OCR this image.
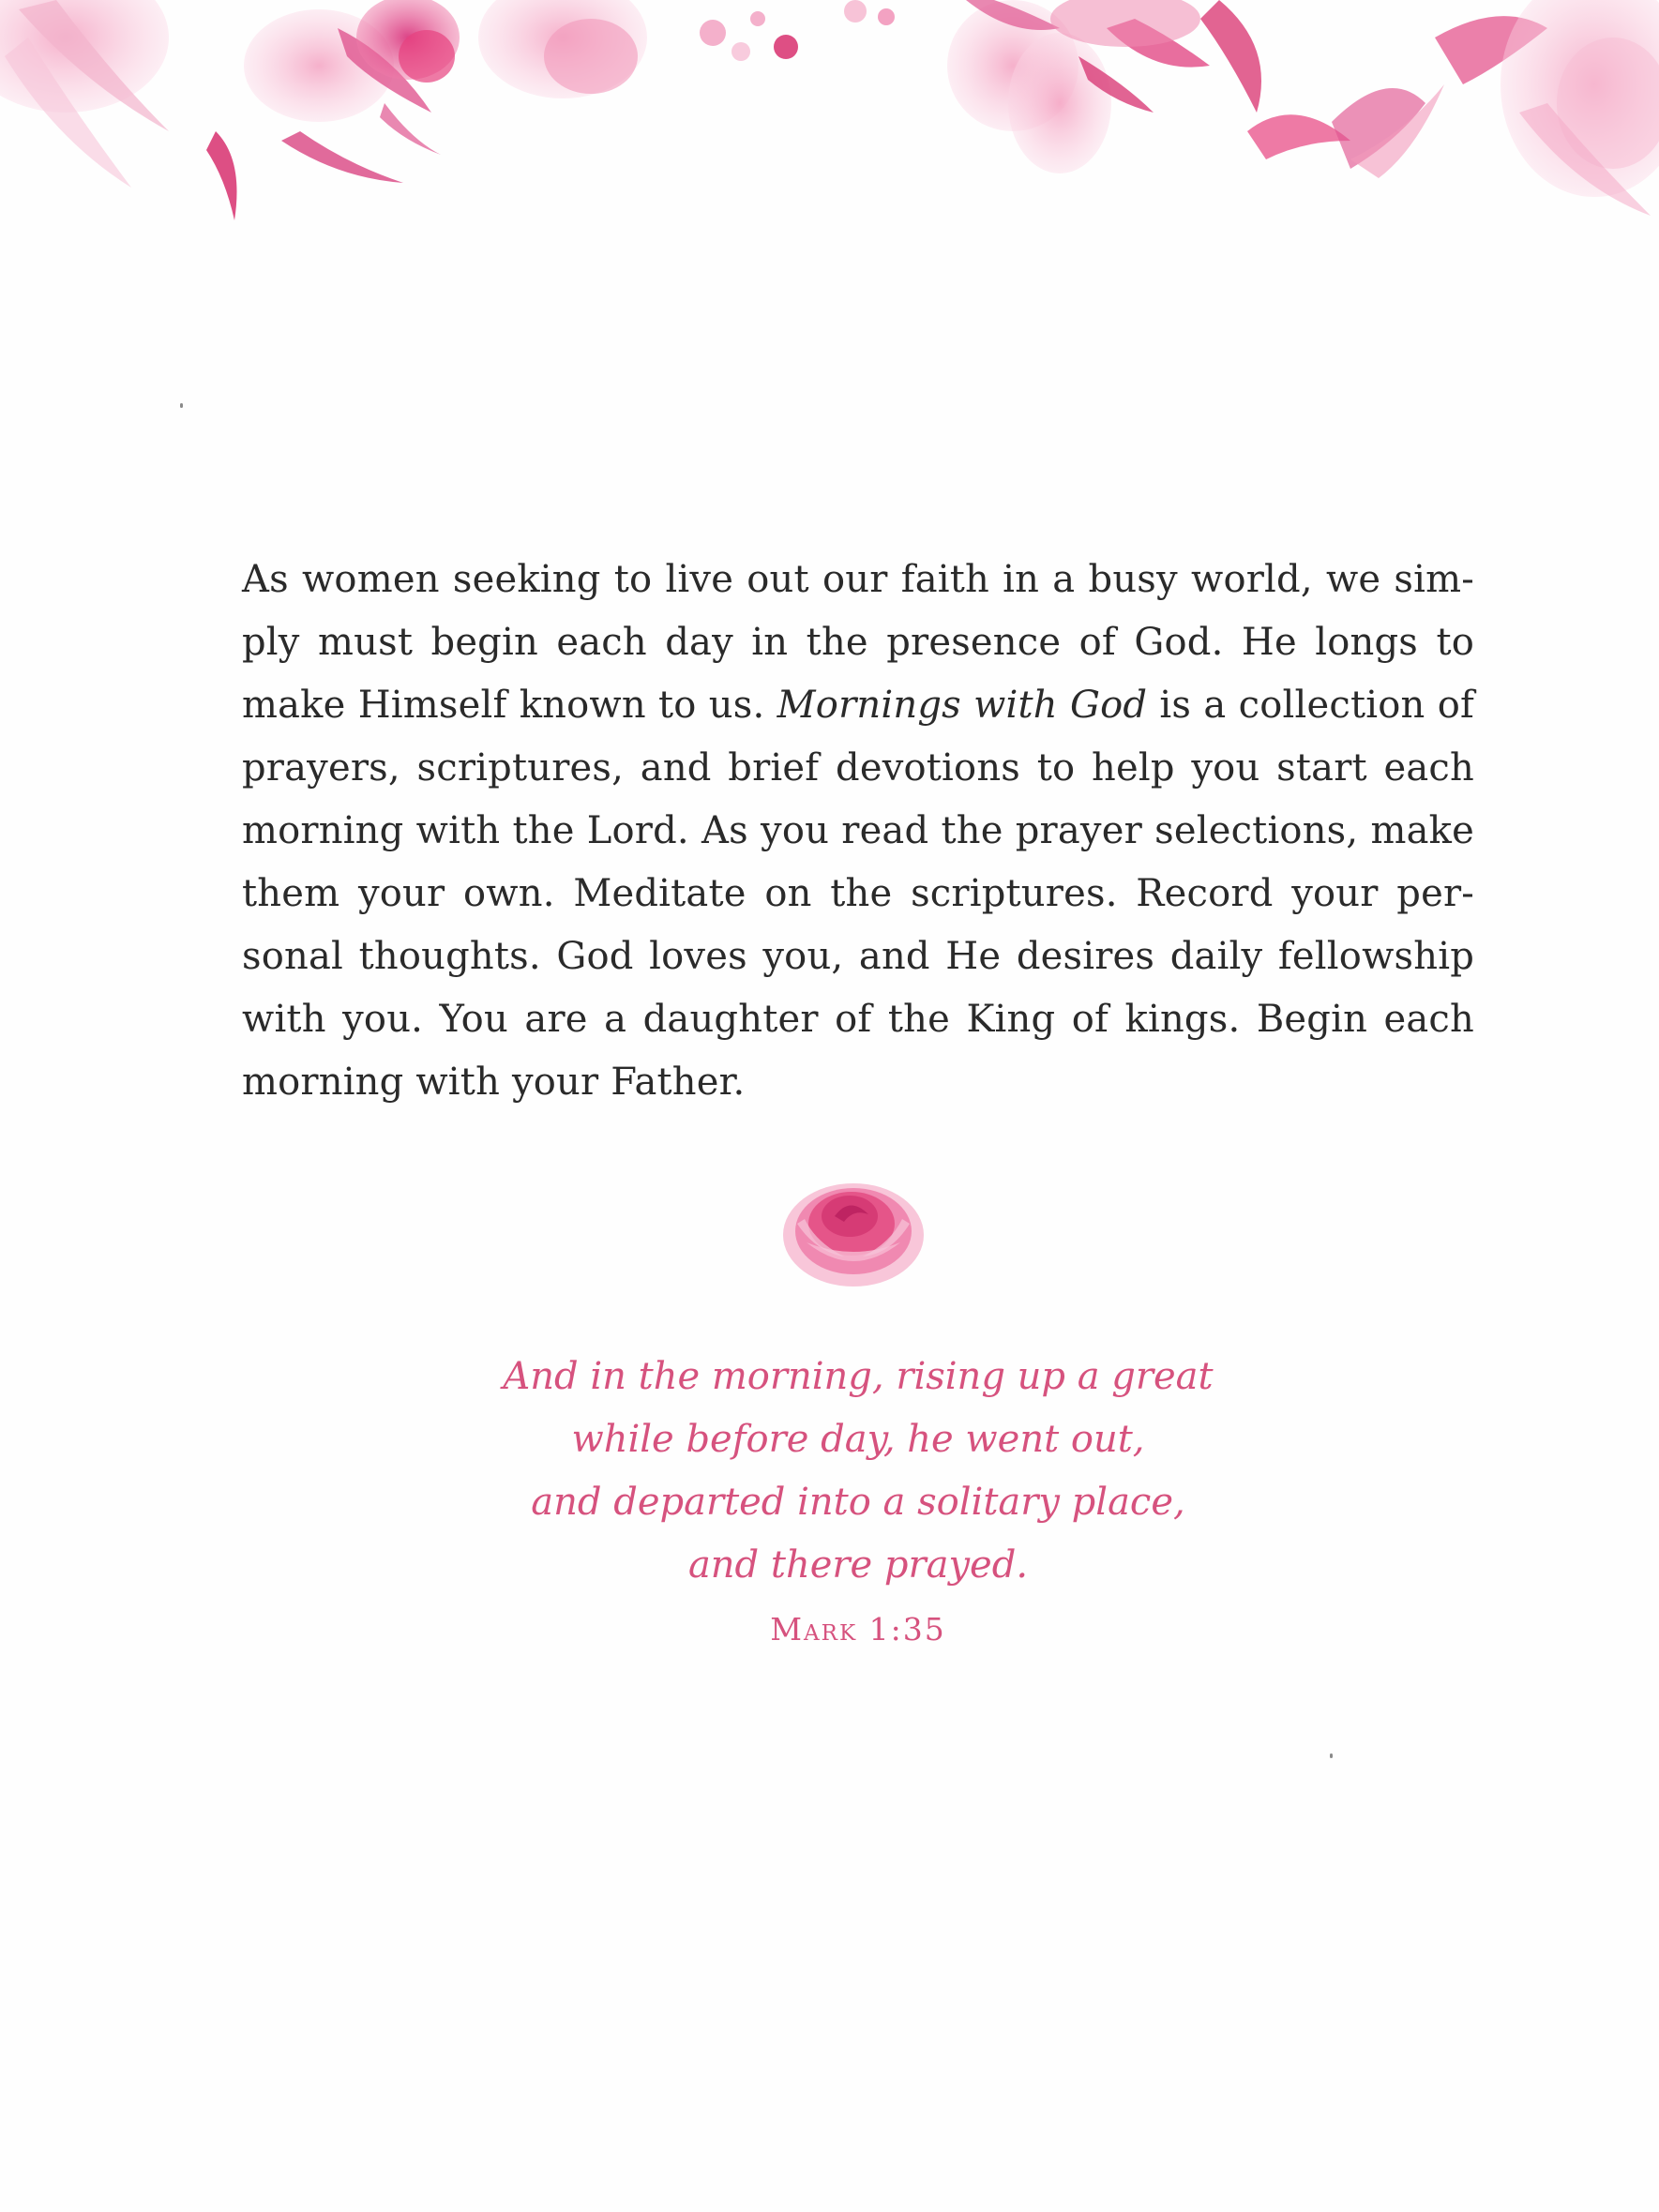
As women seeking to live out our faith in a busy world, we sim-
ply must begin each day in the presence of God. He longs to
make Himself known to us. Mornings with God is a collection of
prayers, scriptures, and brief devotions to help you start each
morning with the Lord. As you read the prayer selections, make
them your own. Meditate on the scriptures. Record your per-
sonal thoughts. God loves you, and He desires daily fellowship
with you. You are a daughter of the King of kings. Begin each
morning with your Father.
And in the morning, rising up a great
while before day, he went out,
and departed into a solitary place,
and there prayed.
Mark 1:35
